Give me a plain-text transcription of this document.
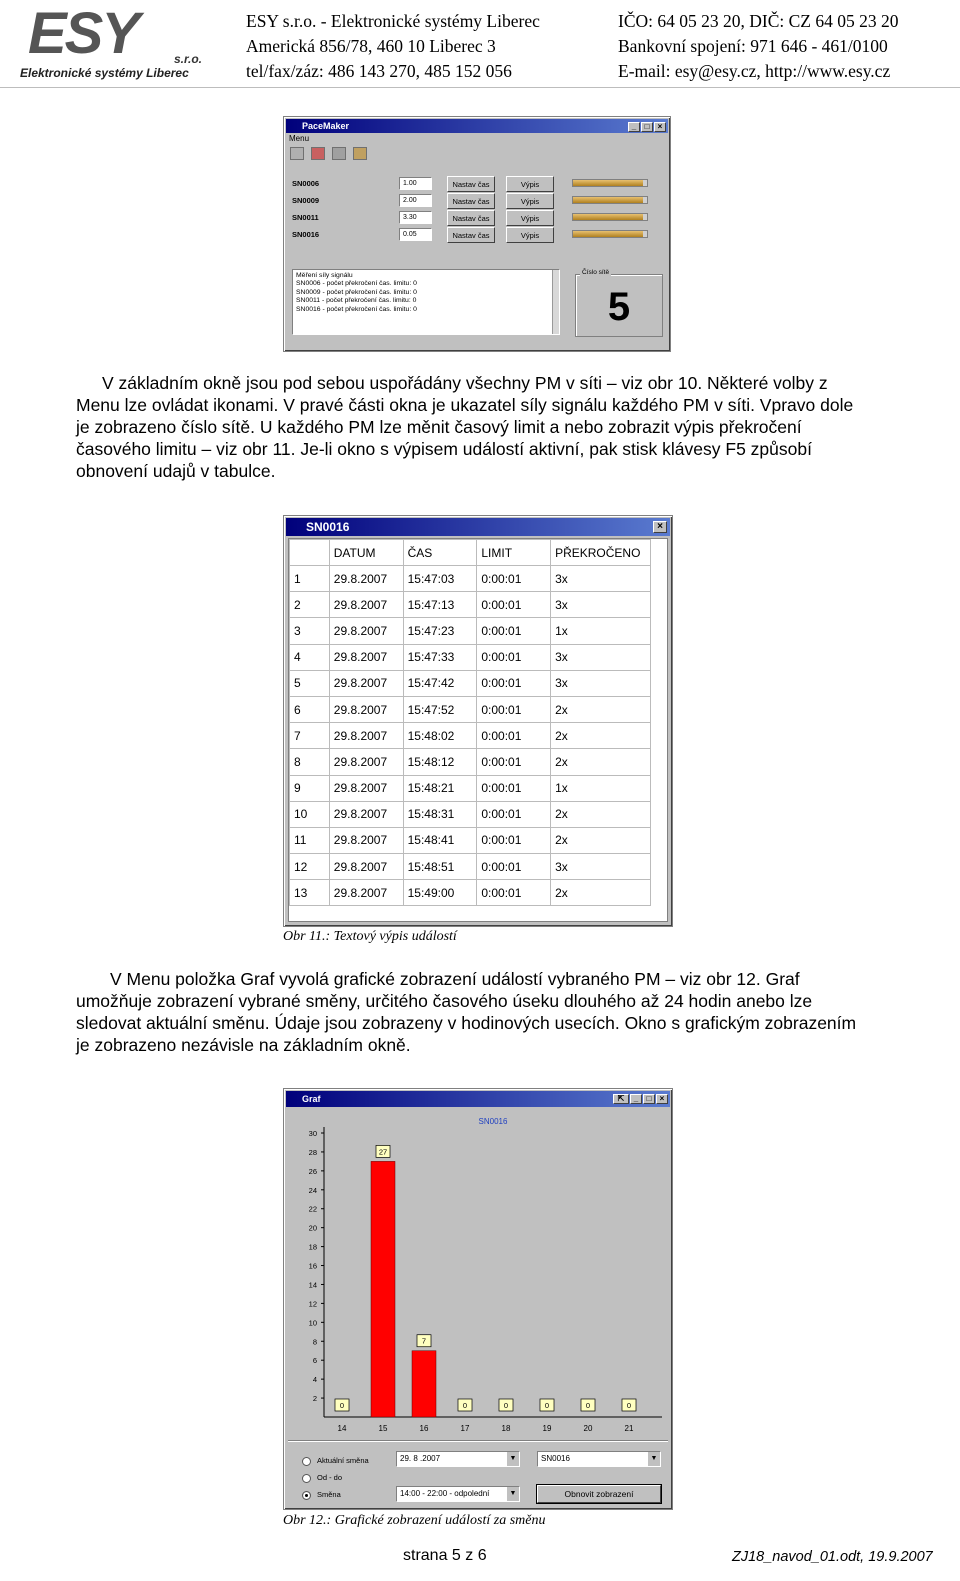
ESY	s.r.o.
Elektronické systémy Liberec
ESY s.r.o. - Elektronické systémy Liberec	IČO: 64 05 23 20, DIČ: CZ 64 05 23 20
Americká 856/78, 460 10 Liberec 3	Bankovní spojení: 971 646 - 461/0100
tel/fax/záz: 486 143 270, 485 152 056	E-mail: esy@esy.cz, http://www.esy.cz
PaceMaker	_	□	×
Menu
SN0006	1.00	Nastav čas	Výpis
SN0009	2.00	Nastav čas	Výpis
SN0011	3.30	Nastav čas	Výpis
SN0016	0.05	Nastav čas	Výpis
Měření síly signálu
SN0006 - počet překročení čas. limitu: 0
SN0009 - počet překročení čas. limitu: 0
SN0011 - počet překročení čas. limitu: 0
SN0016 - počet překročení čas. limitu: 0
Číslo sítě
5
V základním okně jsou pod sebou uspořádány všechny PM v síti – viz obr 10. Některé volby z
Menu lze ovládat ikonami. V pravé části okna je ukazatel síly signálu každého PM v síti. Vpravo dole
je zobrazeno číslo sítě. U každého PM lze měnit časový limit a nebo zobrazit výpis překročení
časového limitu – viz obr 11. Je-li okno s výpisem událostí aktivní, pak stisk klávesy F5 způsobí
obnovení udajů v tabulce.
SN0016	×
	DATUM	ČAS	LIMIT	PŘEKROČENO
1	29.8.2007	15:47:03	0:00:01	3x
2	29.8.2007	15:47:13	0:00:01	3x
3	29.8.2007	15:47:23	0:00:01	1x
4	29.8.2007	15:47:33	0:00:01	3x
5	29.8.2007	15:47:42	0:00:01	3x
6	29.8.2007	15:47:52	0:00:01	2x
7	29.8.2007	15:48:02	0:00:01	2x
8	29.8.2007	15:48:12	0:00:01	2x
9	29.8.2007	15:48:21	0:00:01	1x
10	29.8.2007	15:48:31	0:00:01	2x
11	29.8.2007	15:48:41	0:00:01	2x
12	29.8.2007	15:48:51	0:00:01	3x
13	29.8.2007	15:49:00	0:00:01	2x
Obr 11.: Textový výpis událostí
V Menu položka Graf vyvolá grafické zobrazení událostí vybraného PM – viz obr 12. Graf
umožňuje zobrazení vybrané směny, určitého časového úseku dlouhého až 24 hodin anebo lze
sledovat aktuální směnu. Údaje jsou zobrazeny v hodinových usecích. Okno s grafickým zobrazením
je zobrazeno nezávisle na základním okně.
Graf	⇱	_	□	×
SN0016
2
4
6
8
10
12
14
16
18
20
22
24
26
28
30
0
14
27
15
7
16
0
17
0
18
0
19
0
20
0
21
Aktuální směna
Od - do
Směna
29. 8 .2007	▼	SN0016	▼
14:00 - 22:00 - odpolední	▼	Obnovit zobrazení
Obr 12.: Grafické zobrazení událostí za směnu
strana 5 z 6	ZJ18_navod_01.odt, 19.9.2007
